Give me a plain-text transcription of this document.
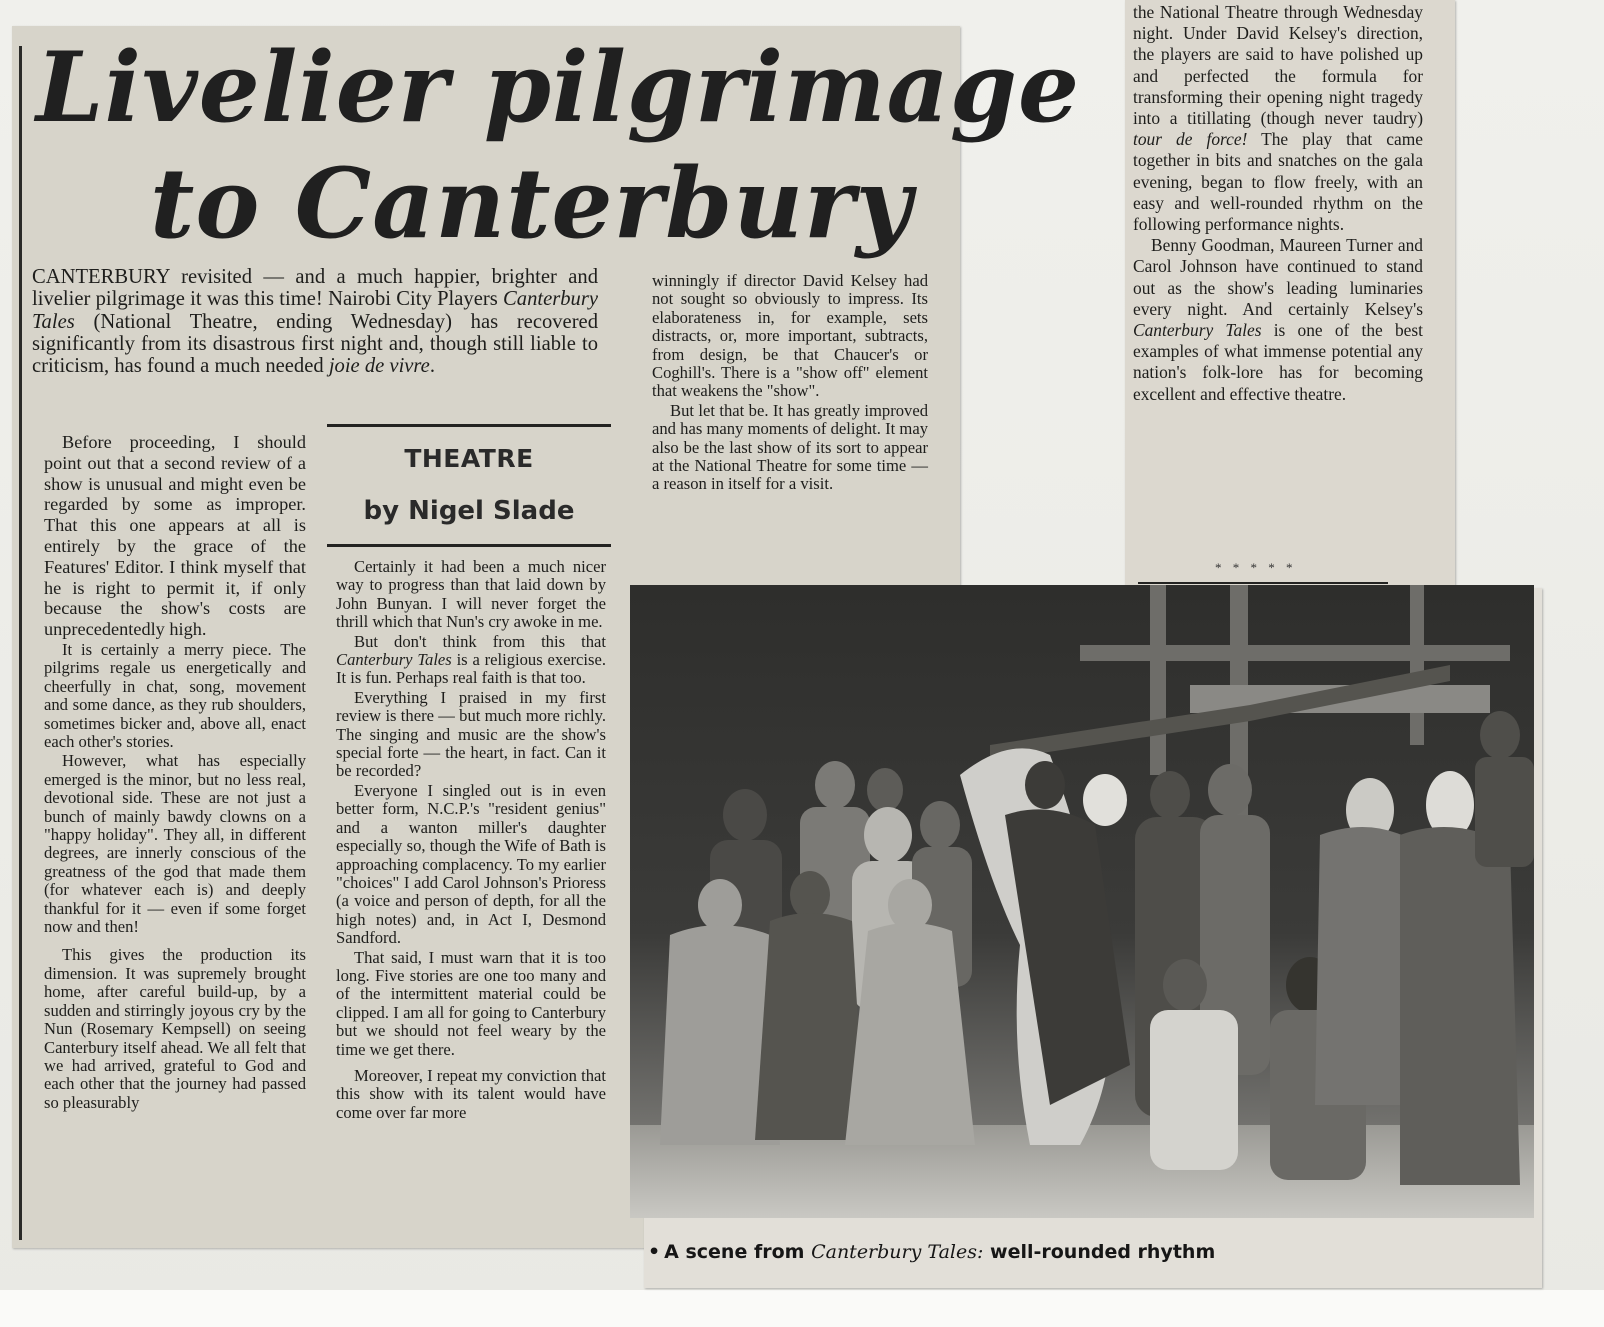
Livelier pilgrimage
to Canterbury

CANTERBURY revisited — and a much happier, brighter and livelier pilgrimage it was this time! Nairobi City Players Canterbury Tales (National Theatre, ending Wednesday) has recovered significantly from its disastrous first night and, though still liable to criticism, has found a much needed joie de vivre.

THEATRE

by Nigel Slade

Before proceeding, I should point out that a second review of a show is unusual and might even be regarded by some as improper. That this one appears at all is entirely by the grace of the Features' Editor. I think myself that he is right to permit it, if only because the show's costs are unprecedentedly high.

It is certainly a merry piece. The pilgrims regale us energetically and cheerfully in chat, song, movement and some dance, as they rub shoulders, sometimes bicker and, above all, enact each other's stories.

However, what has especially emerged is the minor, but no less real, devotional side. These are not just a bunch of mainly bawdy clowns on a "happy holiday". They all, in different degrees, are innerly conscious of the greatness of the god that made them (for whatever each is) and deeply thankful for it — even if some forget now and then!

This gives the production its dimension. It was supremely brought home, after careful build-up, by a sudden and stirringly joyous cry by the Nun (Rosemary Kempsell) on seeing Canterbury itself ahead. We all felt that we had arrived, grateful to God and each other that the journey had passed so pleasurably

Certainly it had been a much nicer way to progress than that laid down by John Bunyan. I will never forget the thrill which that Nun's cry awoke in me.

But don't think from this that Canterbury Tales is a religious exercise. It is fun. Perhaps real faith is that too.

Everything I praised in my first review is there — but much more richly. The singing and music are the show's special forte — the heart, in fact. Can it be recorded?

Everyone I singled out is in even better form, N.C.P.'s "resident genius" and a wanton miller's daughter especially so, though the Wife of Bath is approaching complacency. To my earlier "choices" I add Carol Johnson's Prioress (a voice and person of depth, for all the high notes) and, in Act I, Desmond Sandford.

That said, I must warn that it is too long. Five stories are one too many and of the intermittent material could be clipped. I am all for going to Canterbury but we should not feel weary by the time we get there.

Moreover, I repeat my conviction that this show with its talent would have come over far more

winningly if director David Kelsey had not sought so obviously to impress. Its elaborateness in, for example, sets distracts, or, more important, subtracts, from design, be that Chaucer's or Coghill's. There is a "show off" element that weakens the "show".

But let that be. It has greatly improved and has many moments of delight. It may also be the last show of its sort to appear at the National Theatre for some time — a reason in itself for a visit.

the National Theatre through Wednesday night. Under David Kelsey's direction, the players are said to have polished up and perfected the formula for transforming their opening night tragedy into a titillating (though never taudry) tour de force! The play that came together in bits and snatches on the gala evening, began to flow freely, with an easy and well-rounded rhythm on the following performance nights.

Benny Goodman, Maureen Turner and Carol Johnson have continued to stand out as the show's leading luminaries every night. And certainly Kelsey's Canterbury Tales is one of the best examples of what immense potential any nation's folk-lore has for becoming excellent and effective theatre.

* * * * *

• A scene from Canterbury Tales: well-rounded rhythm
